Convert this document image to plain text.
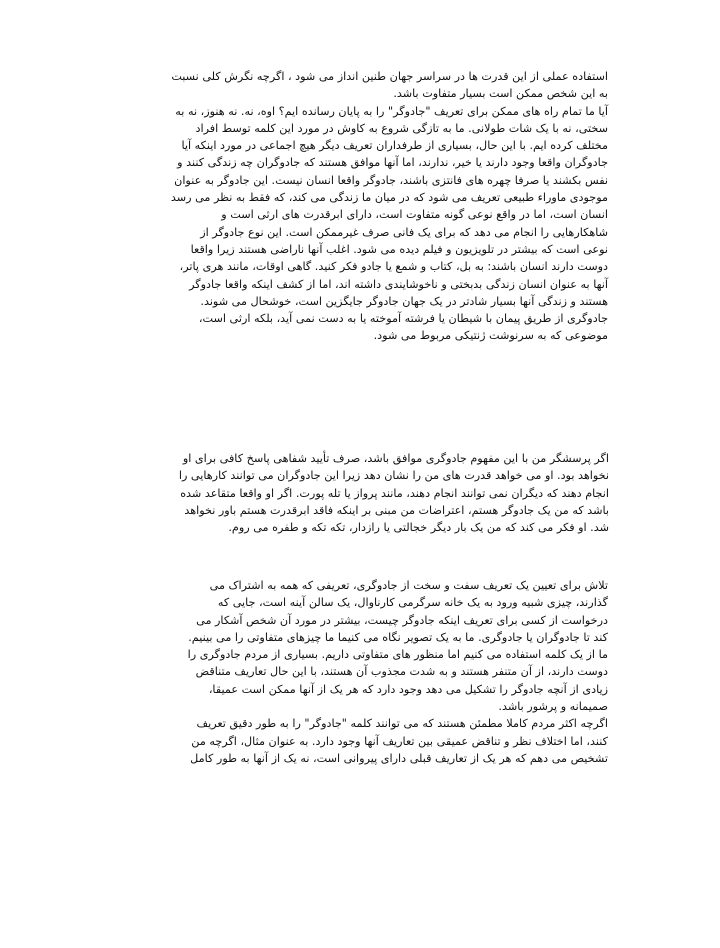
استفاده عملی از این قدرت ها در سراسر جهان طنین انداز می شود ، اگرچه نگرش کلی نسبت
به این شخص ممکن است بسیار متفاوت باشد.
آیا ما تمام راه های ممکن برای تعریف "جادوگر" را به پایان رسانده ایم؟ اوه، نه. نه هنوز، نه به
سختی، نه با یک شات طولانی. ما به تازگی شروع به کاوش در مورد این کلمه توسط افراد
مختلف کرده ایم. با این حال، بسیاری از طرفداران تعریف دیگر هیچ اجماعی در مورد اینکه آیا
جادوگران واقعا وجود دارند یا خیر، ندارند، اما آنها موافق هستند که جادوگران چه زندگی کنند و
نفس بکشند یا صرفا چهره های فانتزی باشند، جادوگر واقعا انسان نیست. این جادوگر به عنوان
موجودی ماوراء طبیعی تعریف می شود که در میان ما زندگی می کند، که فقط به نظر می رسد
انسان است، اما در واقع نوعی گونه متفاوت است، دارای ابرقدرت های ارثی است و
شاهکارهایی را انجام می دهد که برای یک فانی صرف غیرممکن است. این نوع جادوگر از
نوعی است که بیشتر در تلویزیون و فیلم دیده می شود. اغلب آنها ناراضی هستند زیرا واقعا
دوست دارند انسان باشند: به بل، کتاب و شمع یا جادو فکر کنید. گاهی اوقات، مانند هری پاتر،
آنها به عنوان انسان زندگی بدبختی و ناخوشایندی داشته اند، اما از کشف اینکه واقعا جادوگر
هستند و زندگی آنها بسیار شادتر در یک جهان جادوگر جایگزین است، خوشحال می شوند.
جادوگری از طریق پیمان با شیطان یا فرشته آموخته یا به دست نمی آید، بلکه ارثی است،
موضوعی که به سرنوشت ژنتیکی مربوط می شود.
اگر پرسشگر من با این مفهوم جادوگری موافق باشد، صرف تأیید شفاهی پاسخ کافی برای او
نخواهد بود. او می خواهد قدرت های من را نشان دهد زیرا این جادوگران می توانند کارهایی را
انجام دهند که دیگران نمی توانند انجام دهند، مانند پرواز یا تله پورت. اگر او واقعا متقاعد شده
باشد که من یک جادوگر هستم، اعتراضات من مبنی بر اینکه فاقد ابرقدرت هستم باور نخواهد
شد. او فکر می کند که من یک بار دیگر خجالتی یا رازدار، تکه تکه و طفره می روم.
تلاش برای تعیین یک تعریف سفت و سخت از جادوگری، تعریفی که همه به اشتراک می
گذارند، چیزی شبیه ورود به یک خانه سرگرمی کارناوال، یک سالن آینه است، جایی که
درخواست از کسی برای تعریف اینکه جادوگر چیست، بیشتر در مورد آن شخص آشکار می
کند تا جادوگران یا جادوگری. ما به یک تصویر نگاه می کنیما ما چیزهای متفاوتی را می بینیم.
ما از یک کلمه استفاده می کنیم اما منظور های متفاوتی داریم. بسیاری از مردم جادوگری را
دوست دارند، از آن متنفر هستند و به شدت مجذوب آن هستند، با این حال تعاریف متناقض
زیادی از آنچه جادوگر را تشکیل می دهد وجود دارد که هر یک از آنها ممکن است عمیقا،
صمیمانه و پرشور باشد.
اگرچه اکثر مردم کاملا مطمئن هستند که می توانند کلمه "جادوگر" را به طور دقیق تعریف
کنند، اما اختلاف نظر و تناقض عمیقی بین تعاریف آنها وجود دارد. به عنوان مثال، اگرچه من
تشخیص می دهم که هر یک از تعاریف قبلی دارای پیروانی است، نه یک از آنها به طور کامل
